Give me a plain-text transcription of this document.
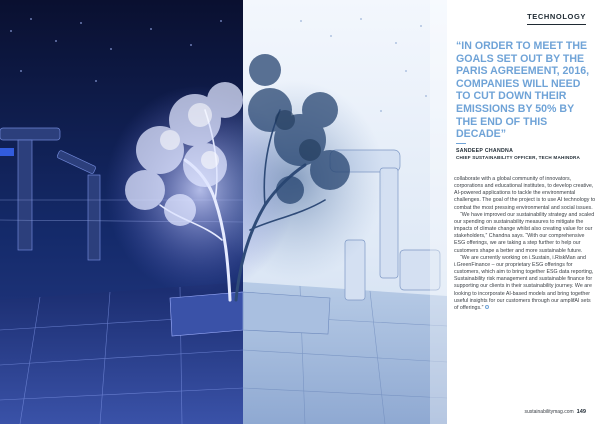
TECHNOLOGY

“IN ORDER TO MEET THE GOALS SET OUT BY THE PARIS AGREEMENT, 2016, COMPANIES WILL NEED TO CUT DOWN THEIR EMISSIONS BY 50% BY THE END OF THIS DECADE”

SANDEEP CHANDNA
CHIEF SUSTAINABILITY OFFICER, TECH MAHINDRA

collaborate with a global community of innovators, corporations and educational institutes, to develop creative, AI-powered applications to tackle the environmental challenges. The goal of the project is to use AI technology to combat the most pressing environmental and social issues.

“We have improved our sustainability strategy and scaled our spending on sustainability measures to mitigate the impacts of climate change whilst also creating value for our stakeholders,” Chandna says. “With our comprehensive ESG offerings, we are taking a step further to help our customers shape a better and more sustainable future.

“We are currently working on i.Sustain, i.RiskMan and i.GreenFinance – our proprietary ESG offerings for customers, which aim to bring together ESG data reporting, Sustainability risk management and sustainable finance for supporting our clients in their sustainability journey. We are looking to incorporate AI-based models and bring together useful insights for our customers through our amplifAI sets of offerings.”

sustainabilitymag.com 149
